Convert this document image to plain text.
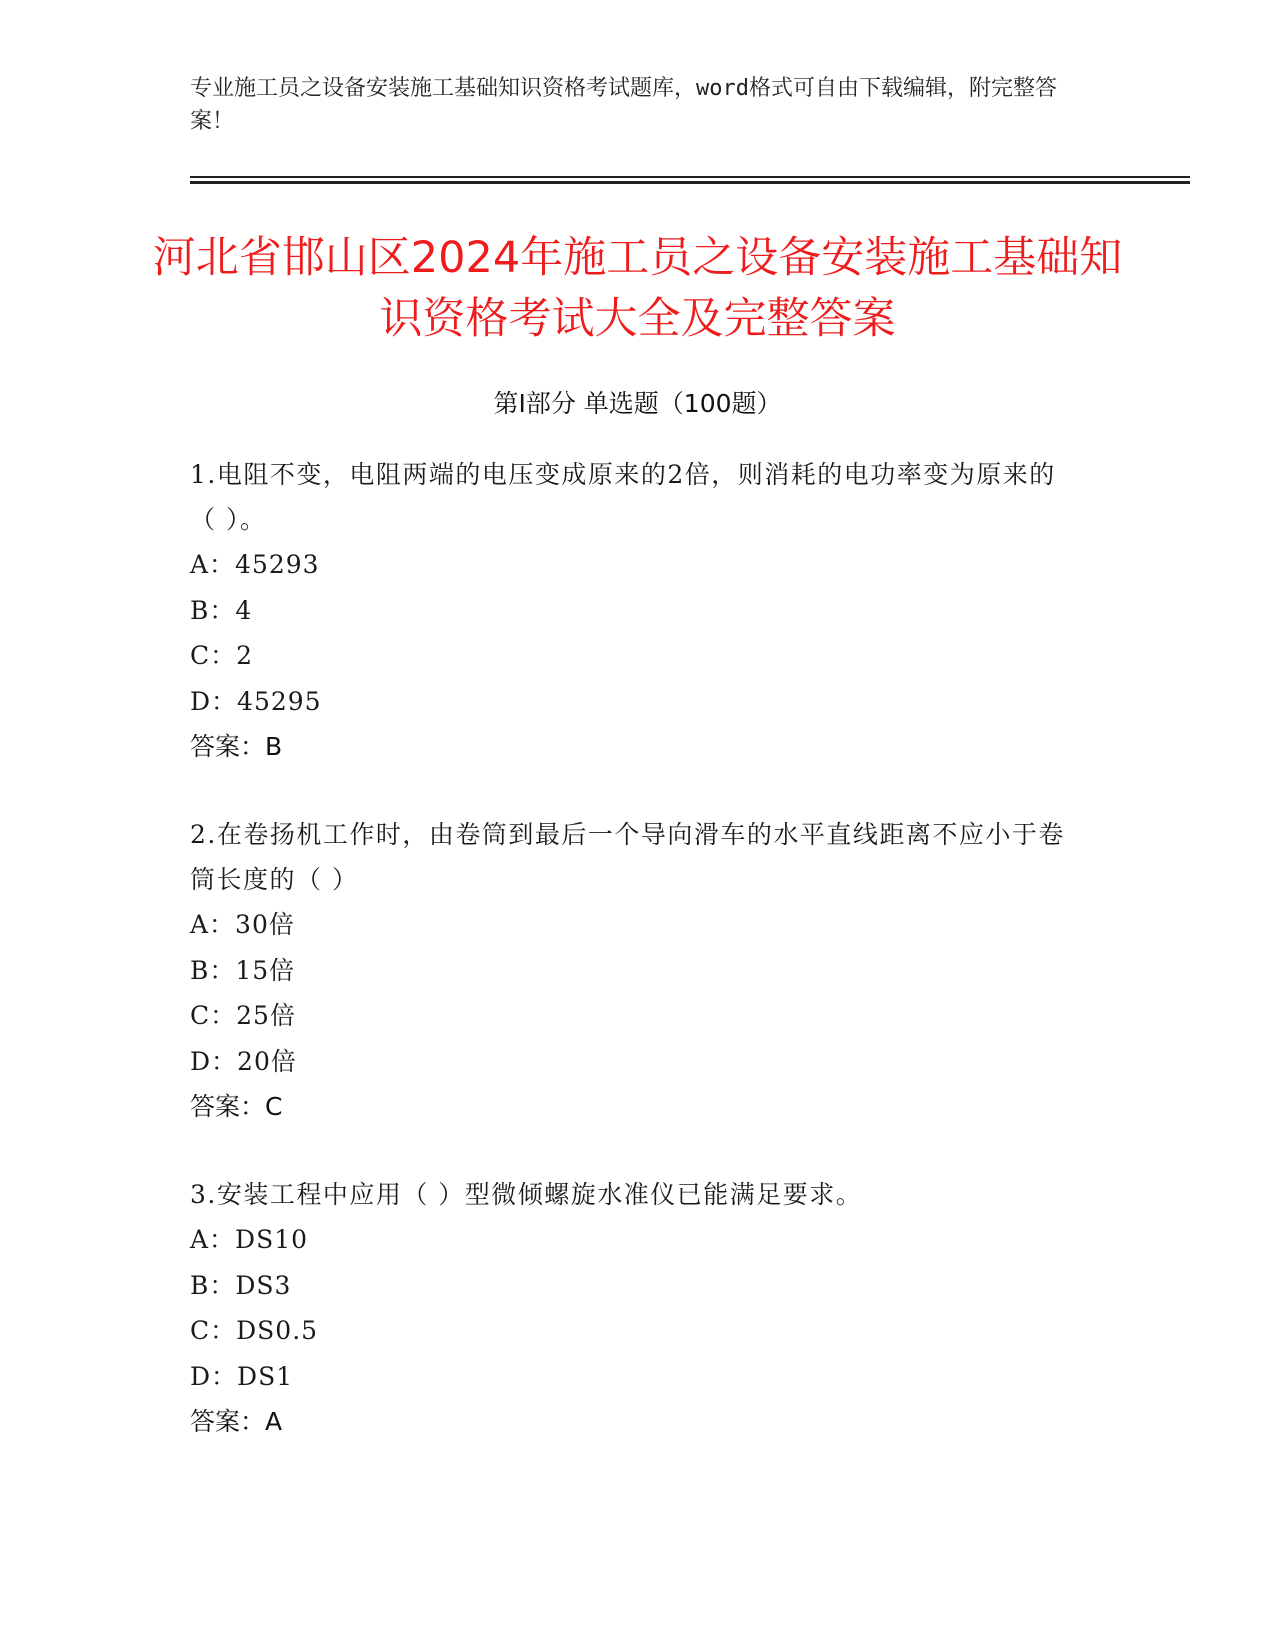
专业施工员之设备安装施工基础知识资格考试题库，word格式可自由下载编辑，附完整答案！
河北省邯山区2024年施工员之设备安装施工基础知识资格考试大全及完整答案
第Ⅰ部分 单选题（100题）
1.电阻不变，电阻两端的电压变成原来的2倍，则消耗的电功率变为原来的（ ）。
A：45293
B：4
C：2
D：45295
答案：B
2.在卷扬机工作时，由卷筒到最后一个导向滑车的水平直线距离不应小于卷筒长度的（ ）
A：30倍
B：15倍
C：25倍
D：20倍
答案：C
3.安装工程中应用（ ）型微倾螺旋水准仪已能满足要求。
A：DS10
B：DS3
C：DS0.5
D：DS1
答案：A
